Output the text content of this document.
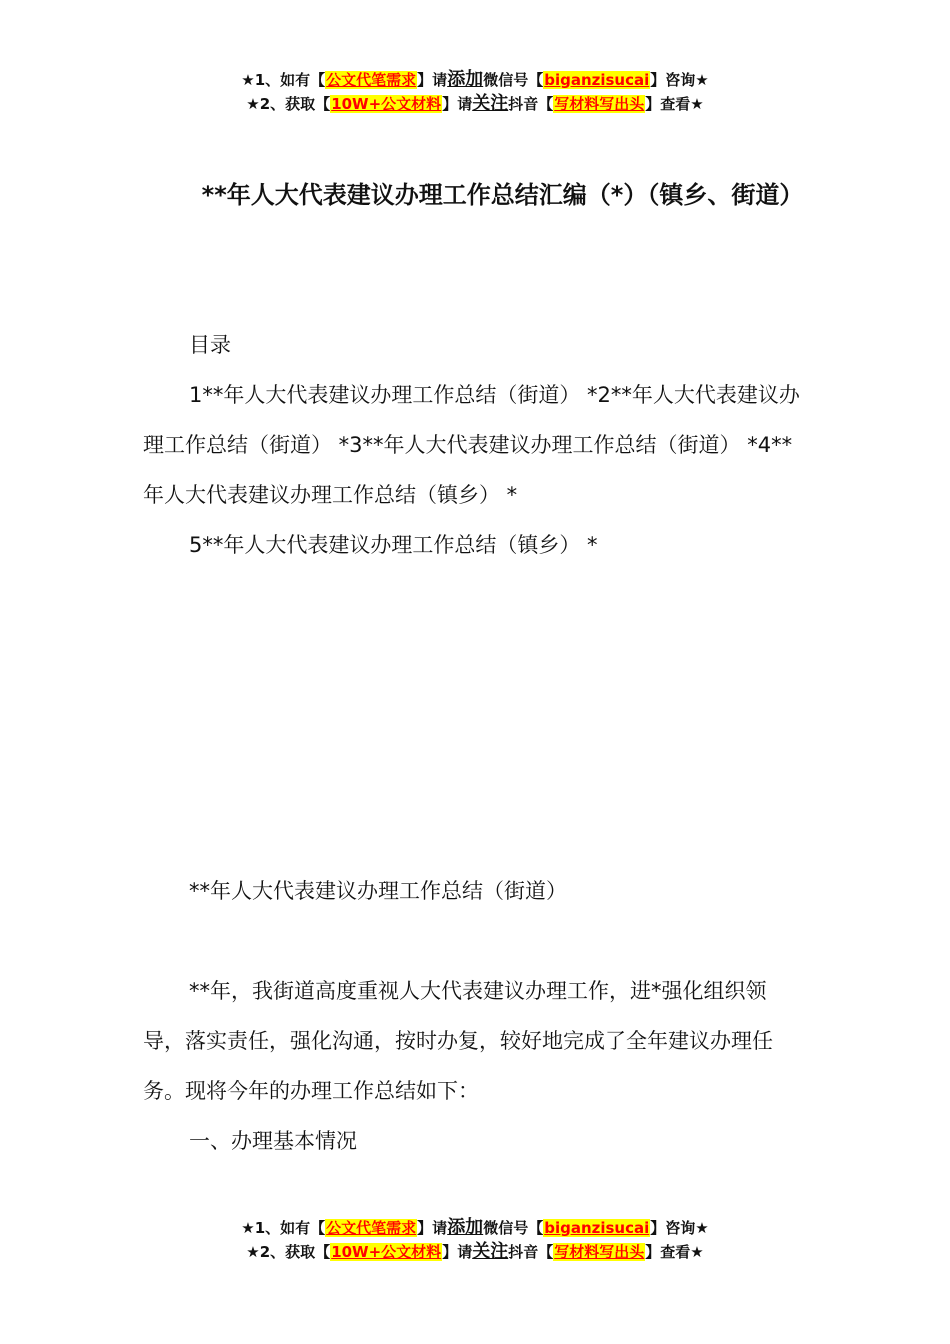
★1、如有【公文代笔需求】请添加微信号【biganzisucai】咨询★
★2、获取【10W+公文材料】请关注抖音【写材料写出头】查看★
**年人大代表建议办理工作总结汇编（*）（镇乡、街道）

目录

1**年人大代表建议办理工作总结（街道） *2**年人大代表建议办理工作总结（街道） *3**年人大代表建议办理工作总结（街道） *4**年人大代表建议办理工作总结（镇乡） *

5**年人大代表建议办理工作总结（镇乡） *

**年人大代表建议办理工作总结（街道）

**年，我街道高度重视人大代表建议办理工作，进*强化组织领导，落实责任，强化沟通，按时办复，较好地完成了全年建议办理任务。现将今年的办理工作总结如下：

一、办理基本情况

★1、如有【公文代笔需求】请添加微信号【biganzisucai】咨询★
★2、获取【10W+公文材料】请关注抖音【写材料写出头】查看★
